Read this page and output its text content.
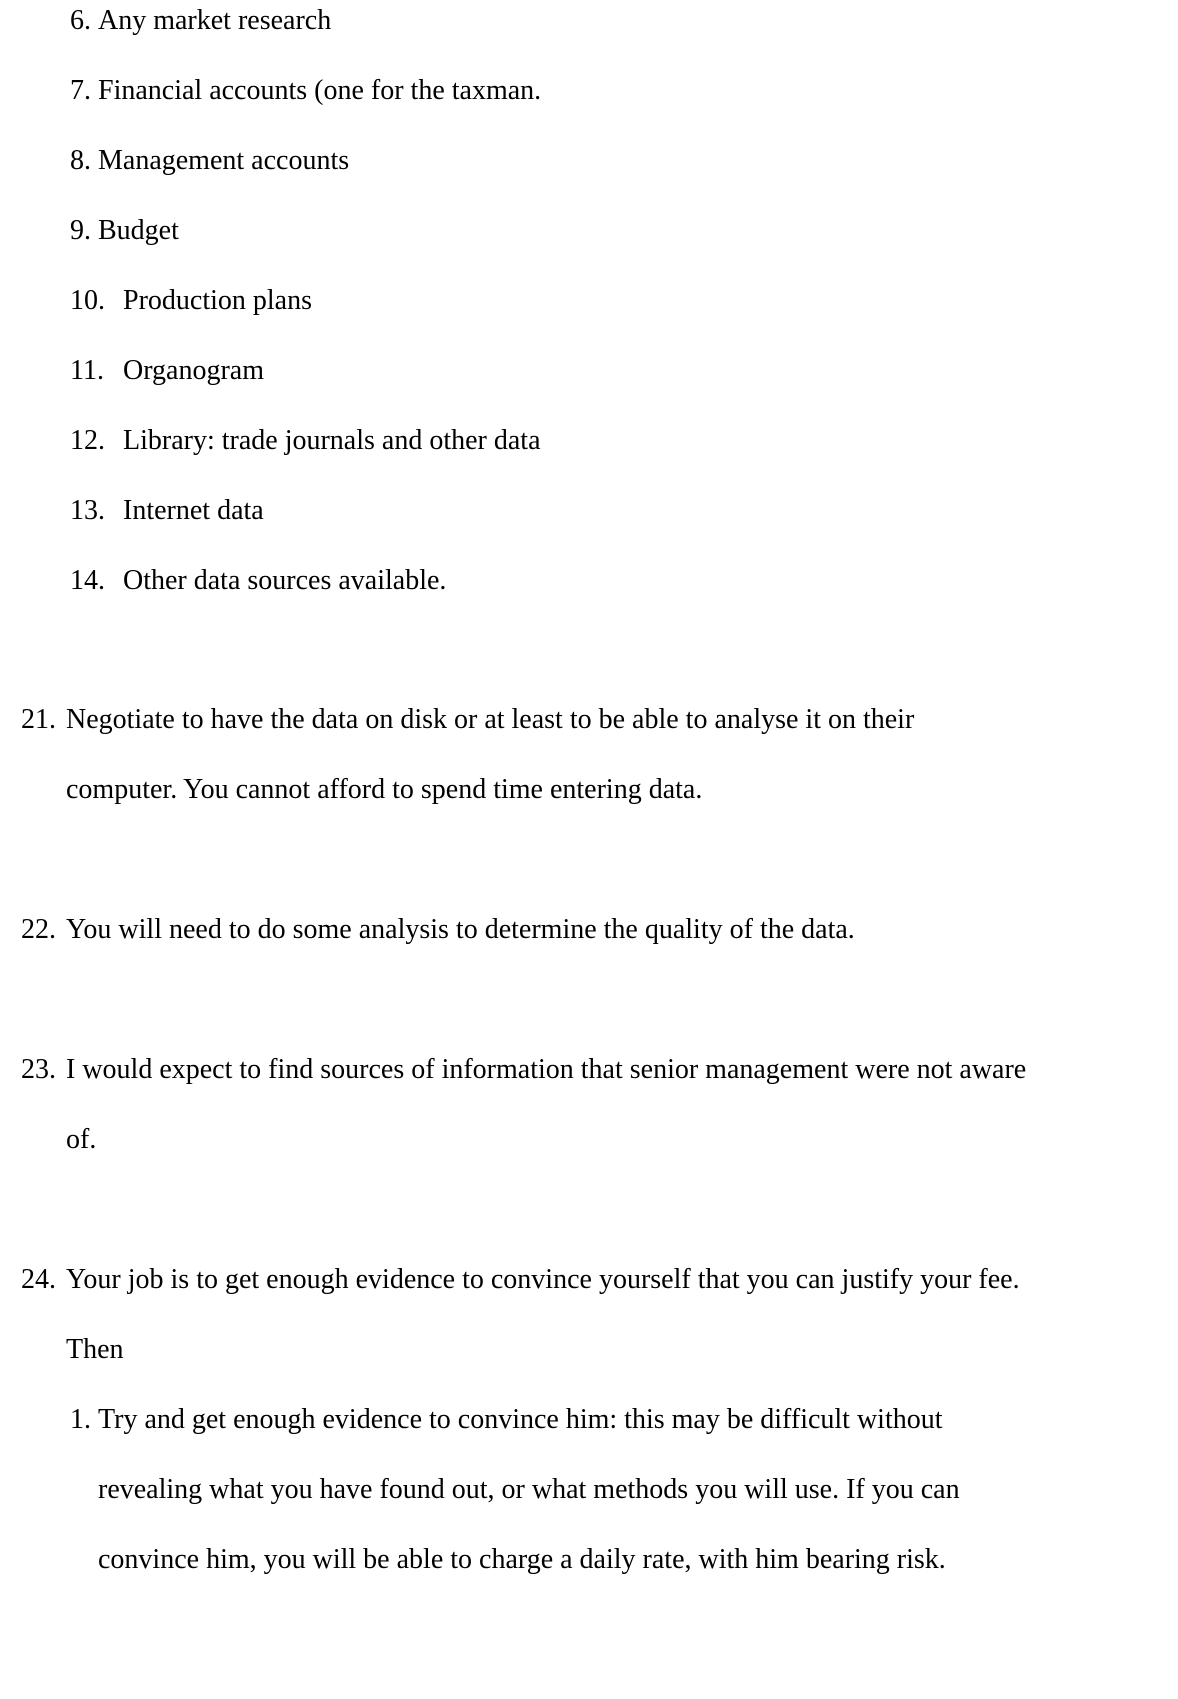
6. Any market research
7. Financial accounts (one for the taxman.
8. Management accounts
9. Budget
10. Production plans
11. Organogram
12. Library: trade journals and other data
13. Internet data
14. Other data sources available.
21. Negotiate to have the data on disk or at least to be able to analyse it on their
computer. You cannot afford to spend time entering data.
22. You will need to do some analysis to determine the quality of the data.
23. I would expect to find sources of information that senior management were not aware
of.
24. Your job is to get enough evidence to convince yourself that you can justify your fee.
Then
1. Try and get enough evidence to convince him: this may be difficult without
revealing what you have found out, or what methods you will use. If you can
convince him, you will be able to charge a daily rate, with him bearing risk.
